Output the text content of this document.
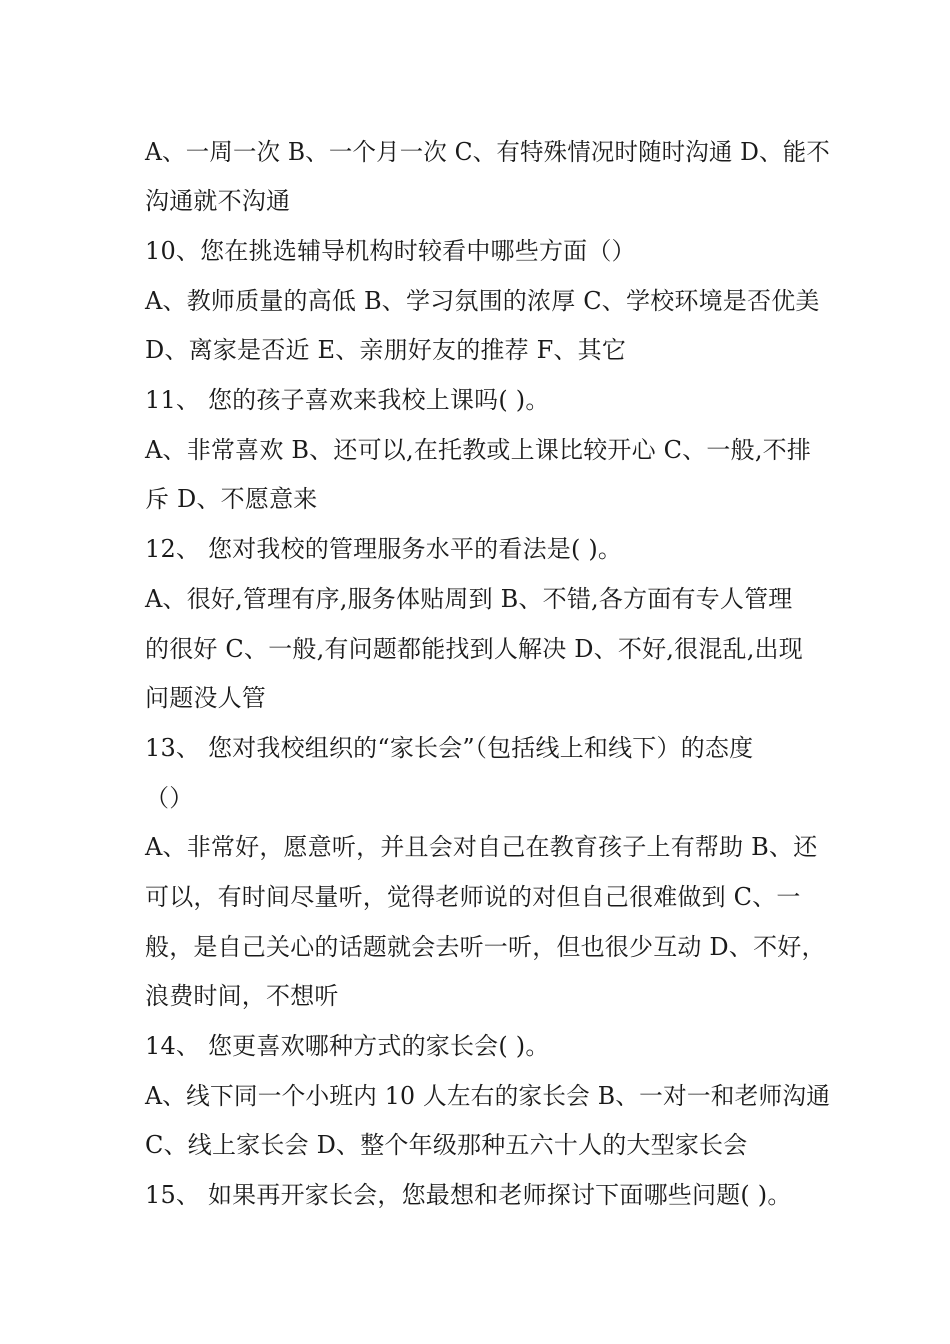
A、一周一次 B、一个月一次 C、有特殊情况时随时沟通 D、能不
沟通就不沟通
10、您在挑选辅导机构时较看中哪些方面（）
A、教师质量的高低 B、学习氛围的浓厚 C、学校环境是否优美
D、离家是否近 E、亲朋好友的推荐 F、其它
11、 您的孩子喜欢来我校上课吗( )。
A、非常喜欢 B、还可以,在托教或上课比较开心 C、一般,不排
斥 D、不愿意来
12、 您对我校的管理服务水平的看法是( )。
A、很好,管理有序,服务体贴周到 B、不错,各方面有专人管理
的很好 C、一般,有问题都能找到人解决 D、不好,很混乱,出现
问题没人管
13、 您对我校组织的“家长会”（包括线上和线下）的态度
（）
A、非常好，愿意听，并且会对自己在教育孩子上有帮助 B、还
可以，有时间尽量听，觉得老师说的对但自己很难做到 C、一
般，是自己关心的话题就会去听一听，但也很少互动 D、不好，
浪费时间，不想听
14、 您更喜欢哪种方式的家长会( )。
A、线下同一个小班内 10 人左右的家长会 B、一对一和老师沟通
C、线上家长会 D、整个年级那种五六十人的大型家长会
15、 如果再开家长会，您最想和老师探讨下面哪些问题( )。
